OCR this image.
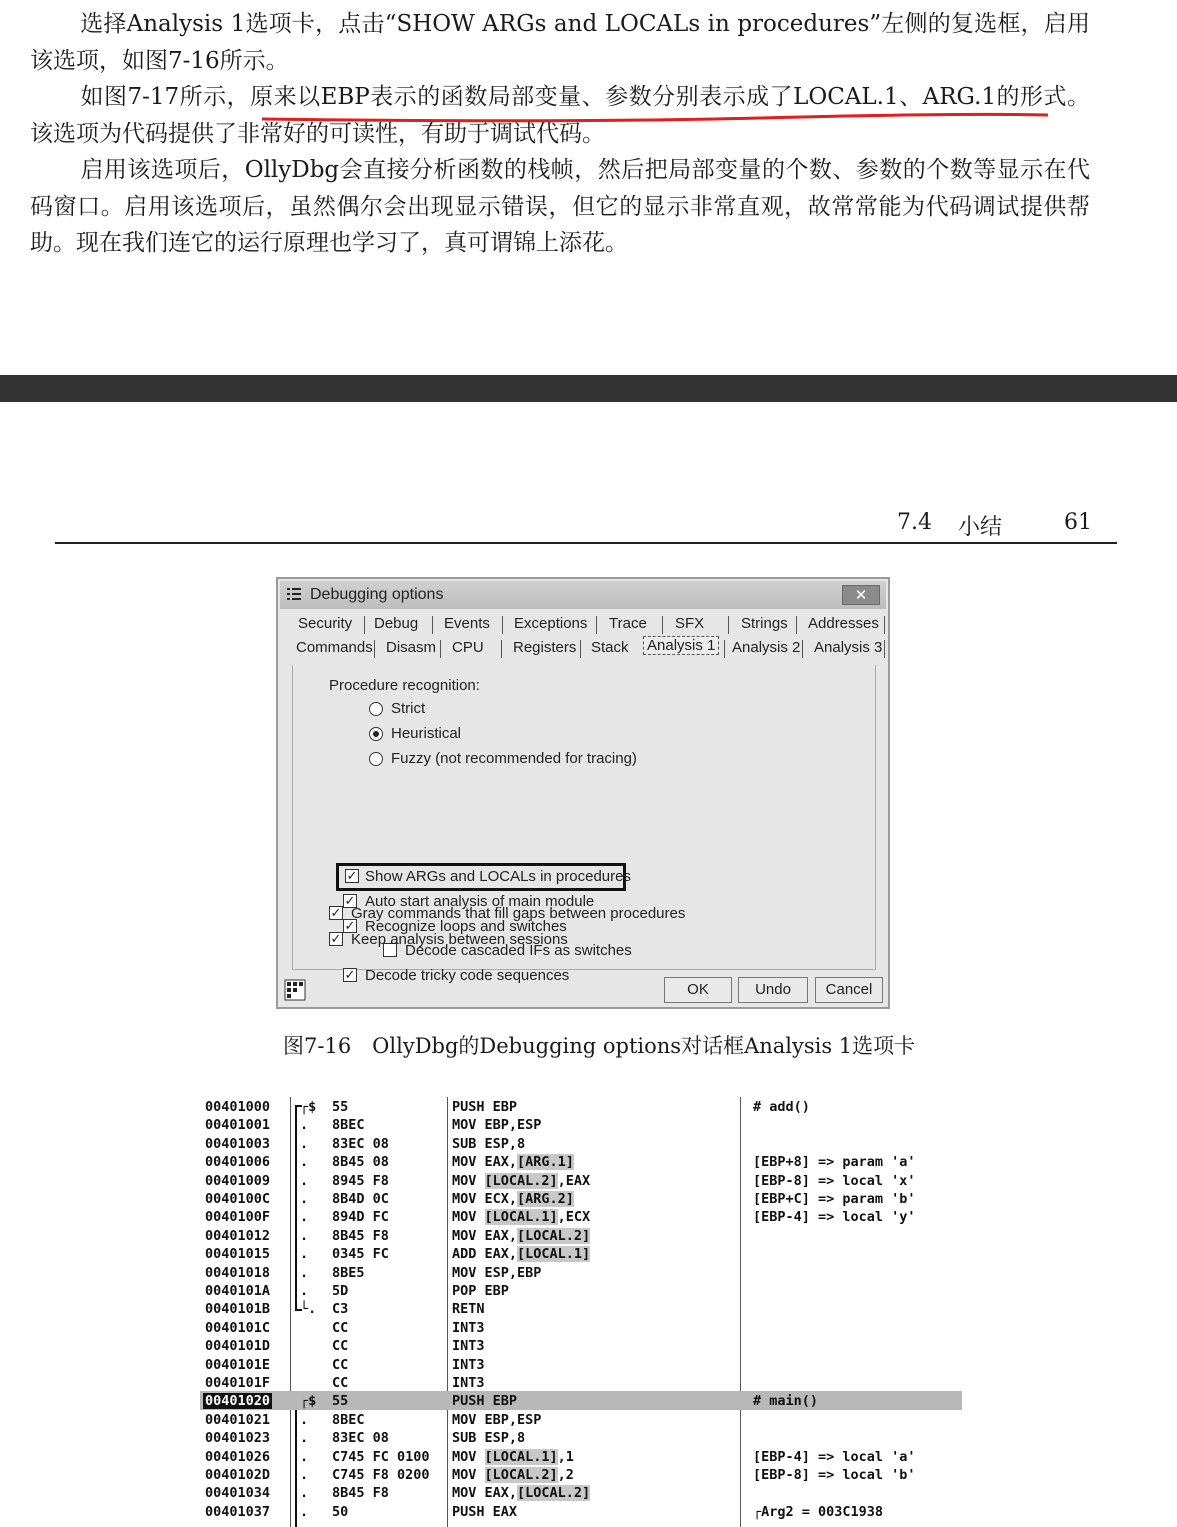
选择Analysis 1选项卡，点击“SHOW ARGs and LOCALs in procedures”左侧的复选框，启用该选项，如图7-16所示。

如图7-17所示，原来以EBP表示的函数局部变量、参数分别表示成了LOCAL.1、ARG.1的形式。该选项为代码提供了非常好的可读性，有助于调试代码。

启用该选项后，OllyDbg会直接分析函数的栈帧，然后把局部变量的个数、参数的个数等显示在代码窗口。启用该选项后，虽然偶尔会出现显示错误，但它的显示非常直观，故常常能为代码调试提供帮助。现在我们连它的运行原理也学习了，真可谓锦上添花。

7.4 小结	61
Debugging options	✕
Security Debug Events Exceptions Trace SFX Strings Addresses
Commands Disasm CPU Registers Stack Analysis 1 Analysis 2 Analysis 3
Procedure recognition:
Strict
Heuristical
Fuzzy (not recommended for tracing)
✓ Show ARGs and LOCALs in procedures
✓ Auto start analysis of main module
✓ Recognize loops and switches
Decode cascaded IFs as switches
✓ Decode tricky code sequences
✓ Gray commands that fill gaps between procedures
✓ Keep analysis between sessions
OK	Undo	Cancel
图7-16　OllyDbg的Debugging options对话框Analysis 1选项卡
00401000 ┌$ 55	PUSH EBP	# add()
00401001 .	8BEC	MOV EBP,ESP
00401003 .	83EC 08	SUB ESP,8
00401006 .	8B45 08	MOV EAX,[ARG.1]	[EBP+8] => param 'a'
00401009 .	8945 F8	MOV [LOCAL.2],EAX	[EBP-8] => local 'x'
0040100C .	8B4D 0C	MOV ECX,[ARG.2]	[EBP+C] => param 'b'
0040100F .	894D FC	MOV [LOCAL.1],ECX	[EBP-4] => local 'y'
00401012 .	8B45 F8	MOV EAX,[LOCAL.2]
00401015 .	0345 FC	ADD EAX,[LOCAL.1]
00401018 .	8BE5	MOV ESP,EBP
0040101A .	5D	POP EBP
0040101B └. C3	RETN
0040101C	CC	INT3
0040101D	CC	INT3
0040101E	CC	INT3
0040101F	CC	INT3
00401020 ┌$ 55	PUSH EBP	# main()
00401021 .	8BEC	MOV EBP,ESP
00401023 .	83EC 08	SUB ESP,8
00401026 .	C745 FC 0100 MOV [LOCAL.1],1	[EBP-4] => local 'a'
0040102D .	C745 F8 0200 MOV [LOCAL.2],2	[EBP-8] => local 'b'
00401034 .	8B45 F8	MOV EAX,[LOCAL.2]
00401037 .	50	PUSH EAX	┌Arg2 = 003C1938
